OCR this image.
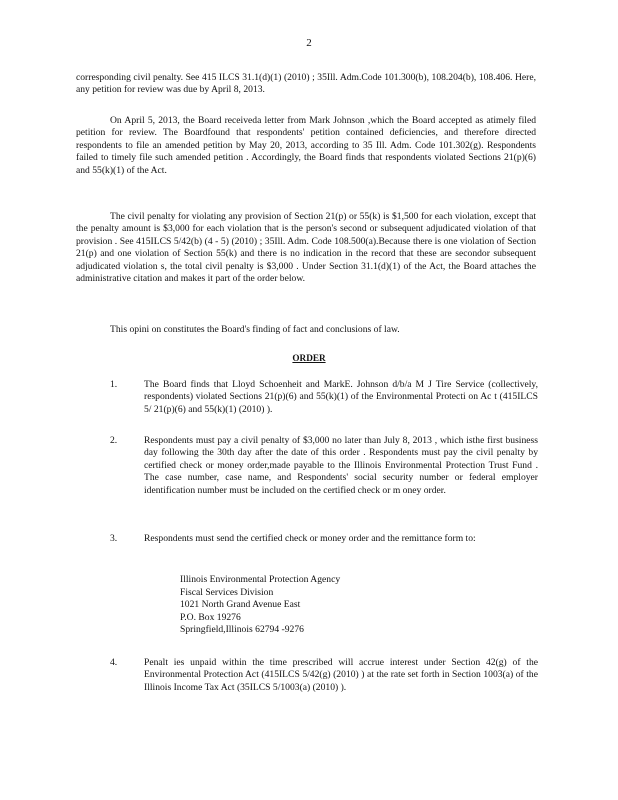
2
corresponding civil penalty. See 415 ILCS 31.1(d)(1) (2010) ; 35Ill. Adm.Code 101.300(b), 108.204(b), 108.406. Here, any petition for review was due by April 8, 2013.
On April 5, 2013, the Board receiveda letter from Mark Johnson ,which the Board accepted as atimely filed petition for review. The Boardfound that respondents' petition contained deficiencies, and therefore directed respondents to file an amended petition by May 20, 2013, according to 35 Ill. Adm. Code 101.302(g). Respondents failed to timely file such amended petition . Accordingly, the Board finds that respondents violated Sections 21(p)(6) and 55(k)(1) of the Act.
The civil penalty for violating any provision of Section 21(p) or 55(k) is $1,500 for each violation, except that the penalty amount is $3,000 for each violation that is the person's second or subsequent adjudicated violation of that provision . See 415ILCS 5/42(b) (4 - 5) (2010) ; 35Ill. Adm. Code 108.500(a).Because there is one violation of Section 21(p) and one violation of Section 55(k) and there is no indication in the record that these are secondor subsequent adjudicated violation s, the total civil penalty is $3,000 . Under Section 31.1(d)(1) of the Act, the Board attaches the administrative citation and makes it part of the order below.
This opini on constitutes the Board's finding of fact and conclusions of law.
ORDER
1.	The Board finds that Lloyd Schoenheit and MarkE. Johnson d/b/a M J Tire Service (collectively, respondents) violated Sections 21(p)(6) and 55(k)(1) of the Environmental Protecti on Ac t (415ILCS 5/ 21(p)(6) and 55(k)(1) (2010) ).
2.	Respondents must pay a civil penalty of $3,000 no later than July 8, 2013 , which isthe first business day following the 30th day after the date of this order . Respondents must pay the civil penalty by certified check or money order,made payable to the Illinois Environmental Protection Trust Fund . The case number, case name, and Respondents' social security number or federal employer identification number must be included on the certified check or m oney order.
3.	Respondents must send the certified check or money order and the remittance form to:
Illinois Environmental Protection Agency
Fiscal Services Division
1021 North Grand Avenue East
P.O. Box 19276
Springfield,Illinois 62794 -9276
4.	Penalt ies unpaid within the time prescribed will accrue interest under Section 42(g) of the Environmental Protection Act (415ILCS 5/42(g) (2010) ) at the rate set forth in Section 1003(a) of the Illinois Income Tax Act (35ILCS 5/1003(a) (2010) ).
